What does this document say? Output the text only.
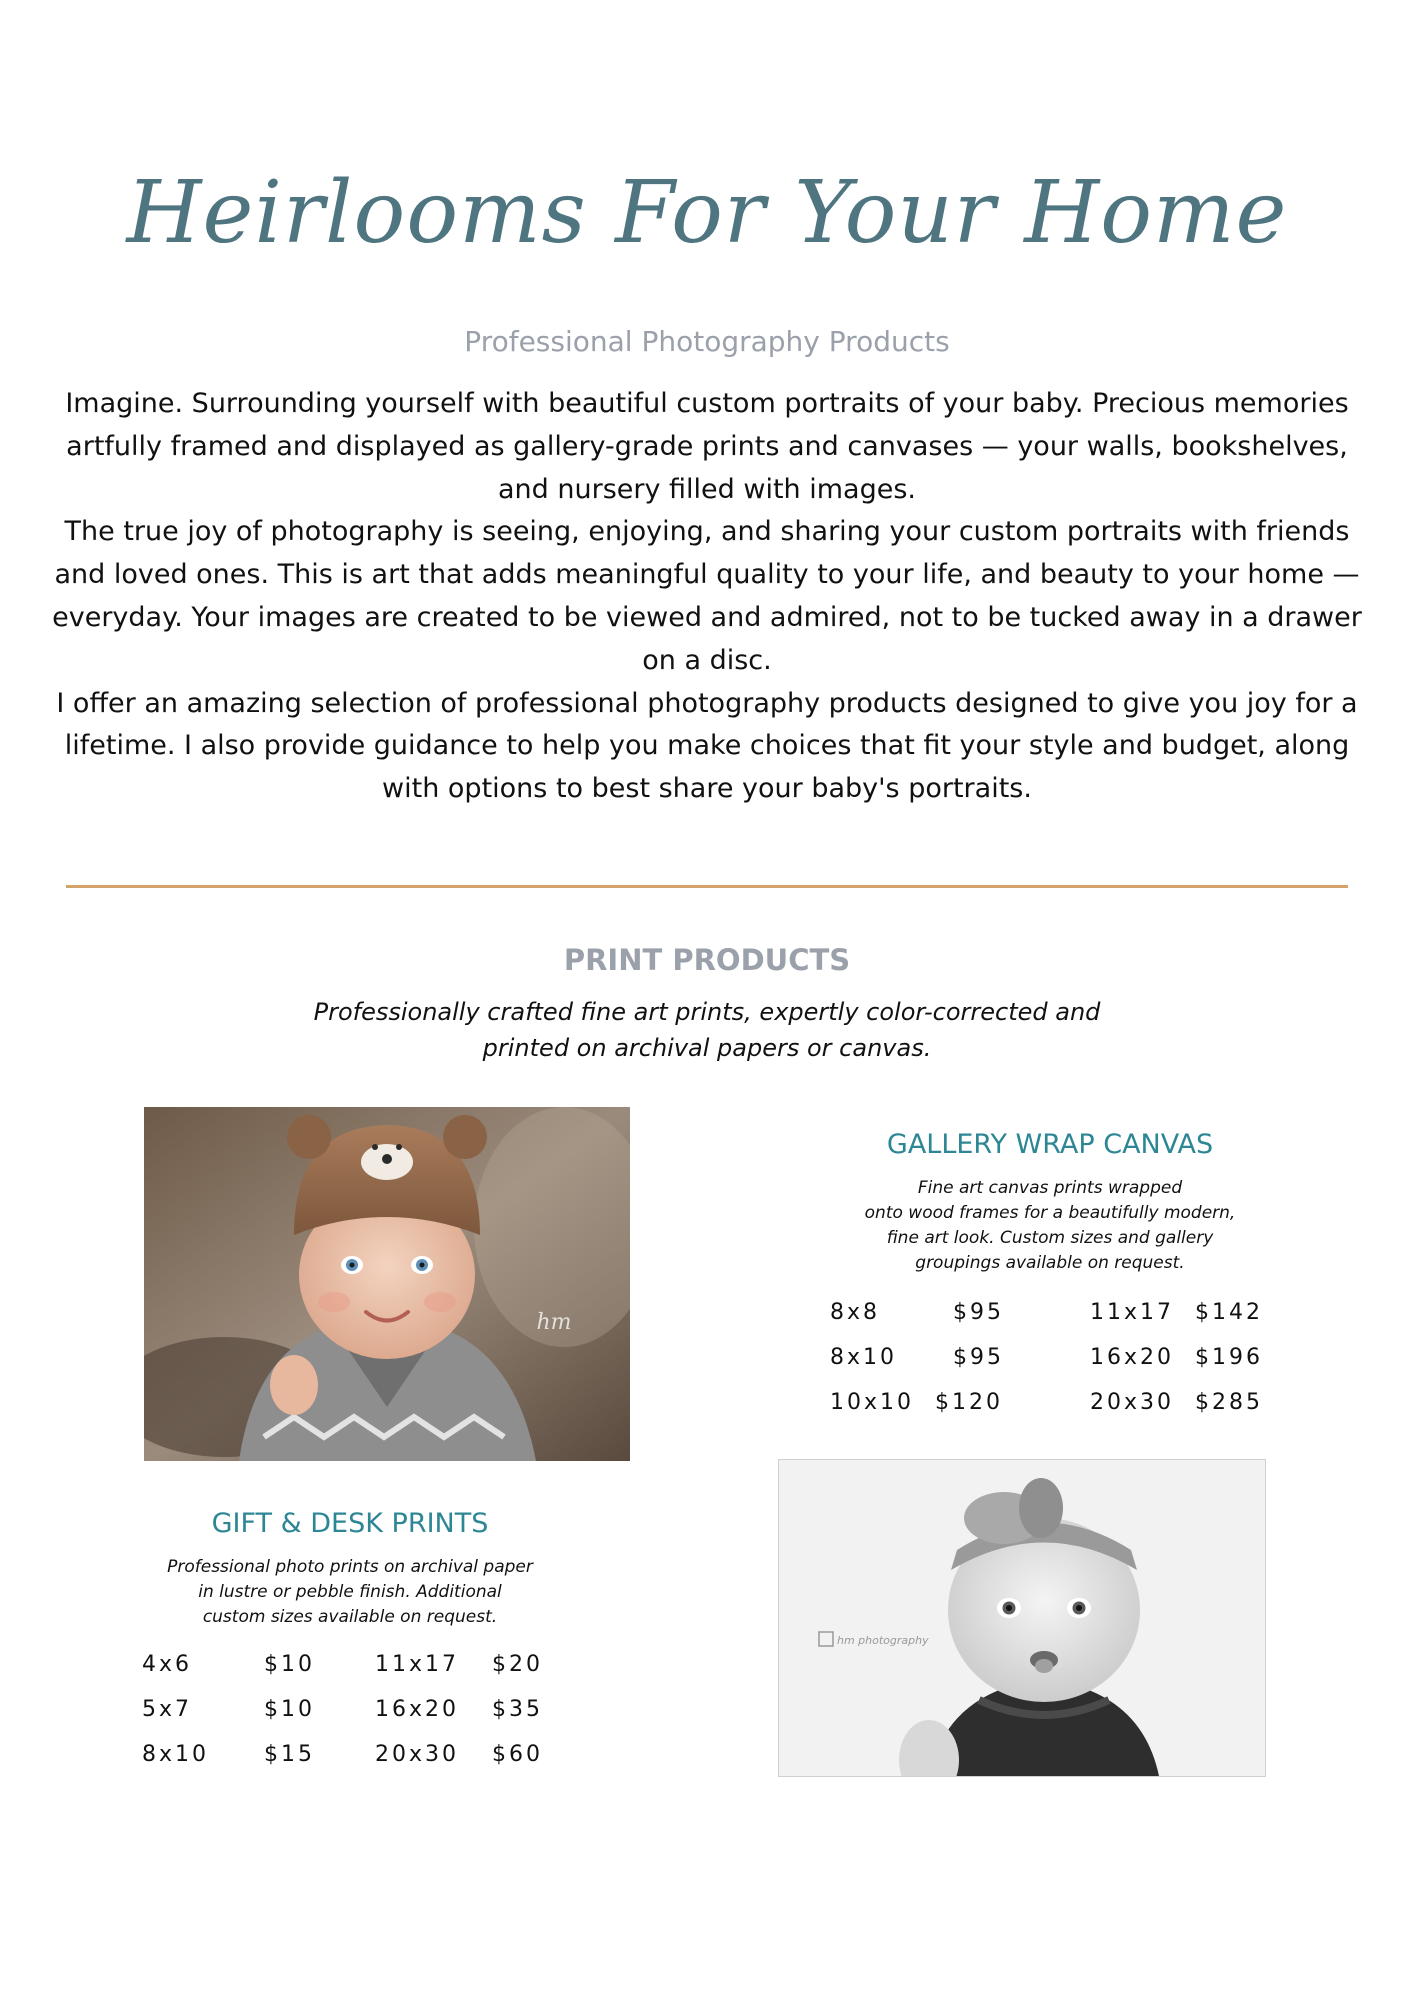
Heirlooms For Your Home
Professional Photography Products

Imagine. Surrounding yourself with beautiful custom portraits of your baby. Precious memories artfully framed and displayed as gallery-grade prints and canvases — your walls, bookshelves, and nursery filled with images.

The true joy of photography is seeing, enjoying, and sharing your custom portraits with friends and loved ones. This is art that adds meaningful quality to your life, and beauty to your home — everyday. Your images are created to be viewed and admired, not to be tucked away in a drawer on a disc.

I offer an amazing selection of professional photography products designed to give you joy for a lifetime. I also provide guidance to help you make choices that fit your style and budget, along with options to best share your baby's portraits.

PRINT PRODUCTS
Professionally crafted fine art prints, expertly color-corrected and
printed on archival papers or canvas.
hm
GALLERY WRAP CANVAS
Fine art canvas prints wrapped
onto wood frames for a beautifully modern,
fine art look. Custom sizes and gallery
groupings available on request.
8x8	$95	11x17 $142
8x10	$95	16x20 $196
10x10 $120	20x30 $285
GIFT & DESK PRINTS
Professional photo prints on archival paper
in lustre or pebble finish. Additional
custom sizes available on request.
4x6	$10	11x17 $20
5x7	$10	16x20 $35
8x10 $15	20x30 $60
hm photography
